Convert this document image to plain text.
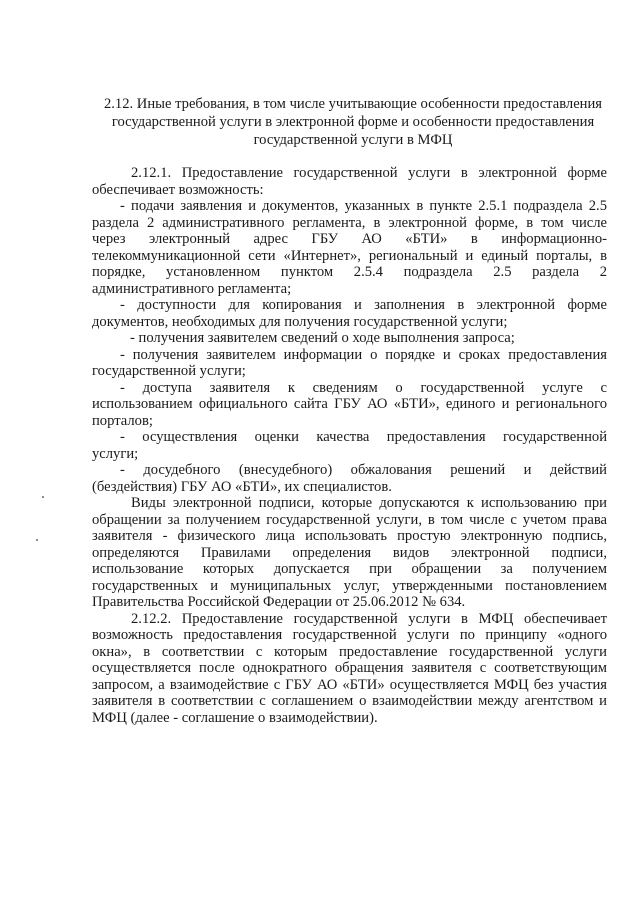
2.12. Иные требования, в том числе учитывающие особенности предоставления
государственной услуги в электронной форме и особенности предоставления
государственной услуги в МФЦ
2.12.1. Предоставление государственной услуги в электронной форме
обеспечивает возможность:
- подачи заявления и документов, указанных в пункте 2.5.1 подраздела 2.5
раздела 2 административного регламента, в электронной форме, в том числе
через электронный адрес ГБУ АО «БТИ» в информационно-
телекоммуникационной сети «Интернет», региональный и единый порталы, в
порядке, установленном пунктом 2.5.4 подраздела 2.5 раздела 2
административного регламента;
- доступности для копирования и заполнения в электронной форме
документов, необходимых для получения государственной услуги;
- получения заявителем сведений о ходе выполнения запроса;
- получения заявителем информации о порядке и сроках предоставления
государственной услуги;
- доступа заявителя к сведениям о государственной услуге с
использованием официального сайта ГБУ АО «БТИ», единого и регионального
порталов;
- осуществления оценки качества предоставления государственной
услуги;
- досудебного (внесудебного) обжалования решений и действий
(бездействия) ГБУ АО «БТИ», их специалистов.
Виды электронной подписи, которые допускаются к использованию при
обращении за получением государственной услуги, в том числе с учетом права
заявителя - физического лица использовать простую электронную подпись,
определяются Правилами определения видов электронной подписи,
использование которых допускается при обращении за получением
государственных и муниципальных услуг, утвержденными постановлением
Правительства Российской Федерации от 25.06.2012 № 634.
2.12.2. Предоставление государственной услуги в МФЦ обеспечивает
возможность предоставления государственной услуги по принципу «одного
окна», в соответствии с которым предоставление государственной услуги
осуществляется после однократного обращения заявителя с соответствующим
запросом, а взаимодействие с ГБУ АО «БТИ» осуществляется МФЦ без участия
заявителя в соответствии с соглашением о взаимодействии между агентством и
МФЦ (далее - соглашение о взаимодействии).
